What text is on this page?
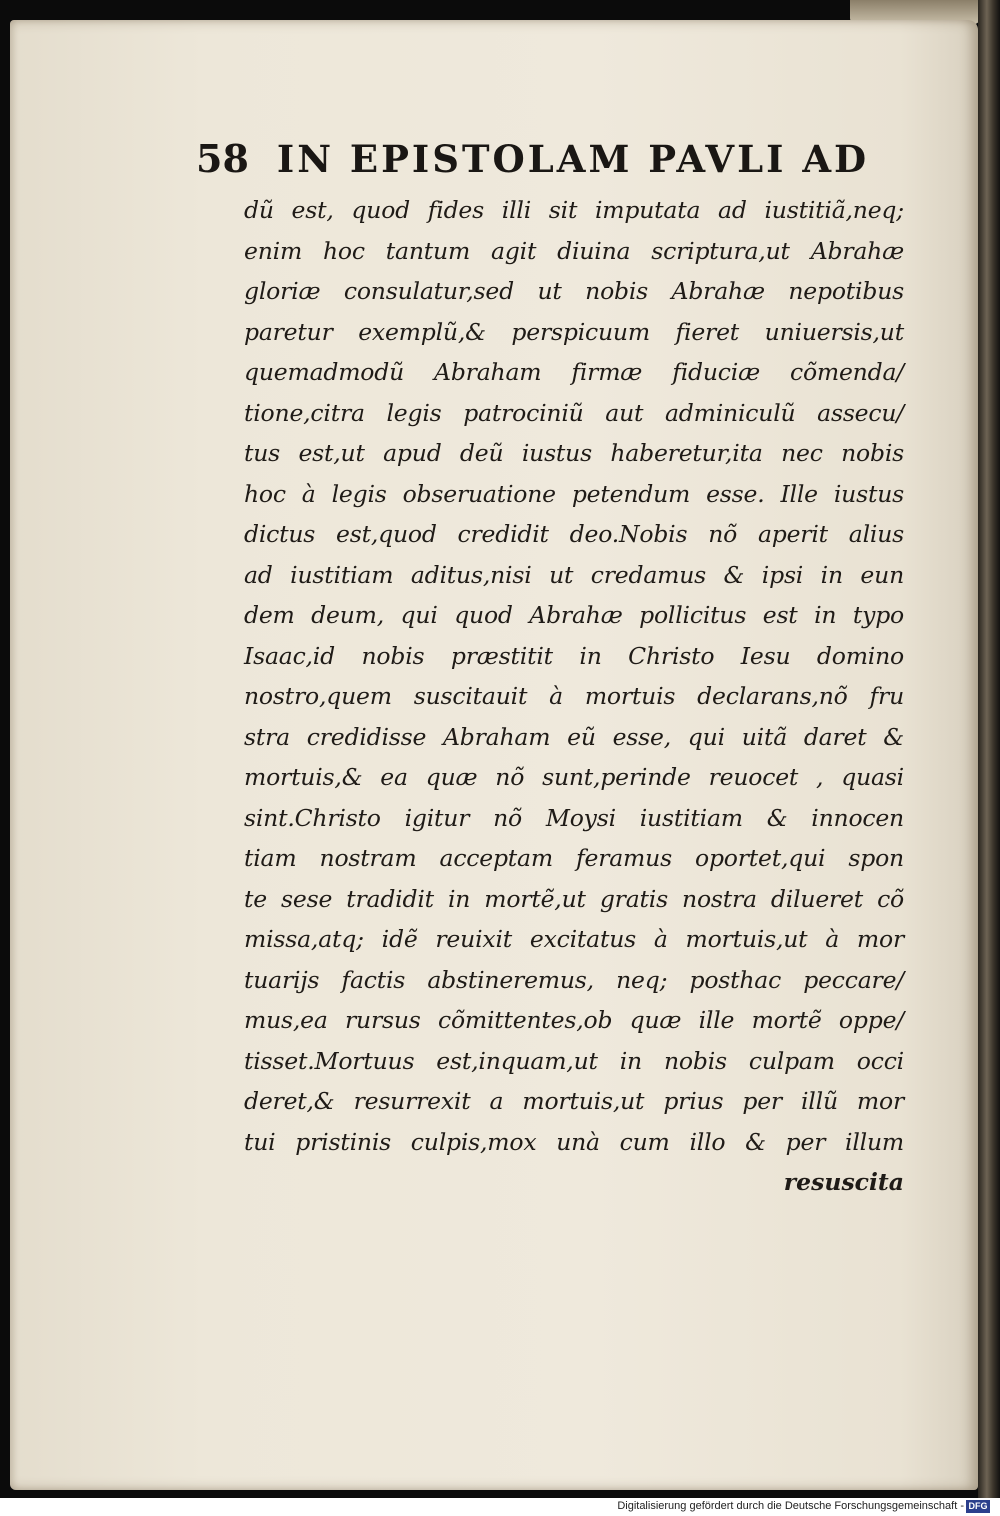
58 IN EPISTOLAM PAVLI AD
dũ est, quod fides illi sit imputata ad iustitiã,neq;
enim hoc tantum agit diuina scriptura,ut Abrahæ
gloriæ consulatur,sed ut nobis Abrahæ nepotibus
paretur exemplũ,& perspicuum fieret uniuersis,ut
quemadmodũ Abraham firmæ fiduciæ cõmenda/
tione,citra legis patrociniũ aut adminiculũ assecu/
tus est,ut apud deũ iustus haberetur,ita nec nobis
hoc à legis obseruatione petendum esse. Ille iustus
dictus est,quod credidit deo.Nobis nõ aperit alius
ad iustitiam aditus,nisi ut credamus & ipsi in eun
dem deum, qui quod Abrahæ pollicitus est in typo
Isaac,id nobis præstitit in Christo Iesu domino
nostro,quem suscitauit à mortuis declarans,nõ fru
stra credidisse Abraham eũ esse, qui uitã daret &
mortuis,& ea quæ nõ sunt,perinde reuocet , quasi
sint.Christo igitur nõ Moysi iustitiam & innocen
tiam nostram acceptam feramus oportet,qui spon
te sese tradidit in mortẽ,ut gratis nostra dilueret cõ
missa,atq; idẽ reuixit excitatus à mortuis,ut à mor
tuarijs factis abstineremus, neq; posthac peccare/
mus,ea rursus cõmittentes,ob quæ ille mortẽ oppe/
tisset.Mortuus est,inquam,ut in nobis culpam occi
deret,& resurrexit a mortuis,ut prius per illũ mor
tui pristinis culpis,mox unà cum illo & per illum
resuscita
Digitalisierung gefördert durch die Deutsche Forschungsgemeinschaft - DFG
